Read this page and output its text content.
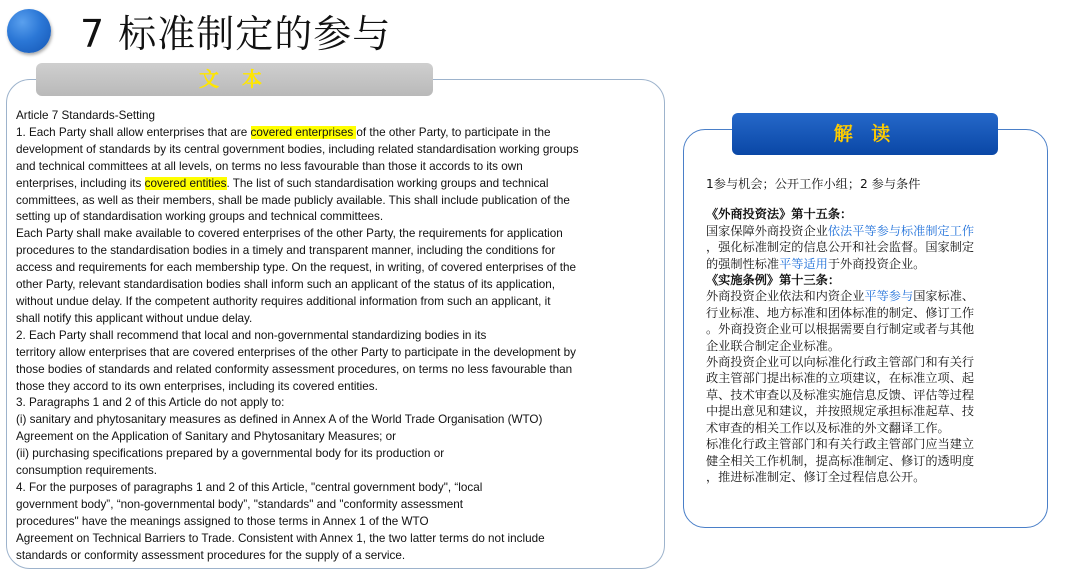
7 标准制定的参与
文 本

Article 7 Standards-Setting

1. Each Party shall allow enterprises that are covered enterprises of the other Party, to participate in the

development of standards by its central government bodies, including related standardisation working groups

and technical committees at all levels, on terms no less favourable than those it accords to its own

enterprises, including its covered entities. The list of such standardisation working groups and technical

committees, as well as their members, shall be made publicly available. This shall include publication of the

setting up of standardisation working groups and technical committees.

Each Party shall make available to covered enterprises of the other Party, the requirements for application

procedures to the standardisation bodies in a timely and transparent manner, including the conditions for

access and requirements for each membership type. On the request, in writing, of covered enterprises of the

other Party, relevant standardisation bodies shall inform such an applicant of the status of its application,

without undue delay. If the competent authority requires additional information from such an applicant, it

shall notify this applicant without undue delay.

2. Each Party shall recommend that local and non-governmental standardizing bodies in its

territory allow enterprises that are covered enterprises of the other Party to participate in the development by

those bodies of standards and related conformity assessment procedures, on terms no less favourable than

those they accord to its own enterprises, including its covered entities.

3. Paragraphs 1 and 2 of this Article do not apply to:

(i) sanitary and phytosanitary measures as defined in Annex A of the World Trade Organisation (WTO)

Agreement on the Application of Sanitary and Phytosanitary Measures; or

(ii) purchasing specifications prepared by a governmental body for its production or

consumption requirements.

4. For the purposes of paragraphs 1 and 2 of this Article, "central government body", “local

government body”, “non-governmental body”, "standards" and "conformity assessment

procedures" have the meanings assigned to those terms in Annex 1 of the WTO

Agreement on Technical Barriers to Trade. Consistent with Annex 1, the two latter terms do not include

standards or conformity assessment procedures for the supply of a service.

解 读

1参与机会；公开工作小组；2 参与条件

《外商投资法》第十五条：

国家保障外商投资企业依法平等参与标准制定工作

，强化标准制定的信息公开和社会监督。国家制定

的强制性标准平等适用于外商投资企业。

《实施条例》第十三条：

外商投资企业依法和内资企业平等参与国家标准、

行业标准、地方标准和团体标准的制定、修订工作

。外商投资企业可以根据需要自行制定或者与其他

企业联合制定企业标准。

外商投资企业可以向标准化行政主管部门和有关行

政主管部门提出标准的立项建议，在标准立项、起

草、技术审查以及标准实施信息反馈、评估等过程

中提出意见和建议，并按照规定承担标准起草、技

术审查的相关工作以及标准的外文翻译工作。

标准化行政主管部门和有关行政主管部门应当建立

健全相关工作机制，提高标准制定、修订的透明度

，推进标准制定、修订全过程信息公开。
